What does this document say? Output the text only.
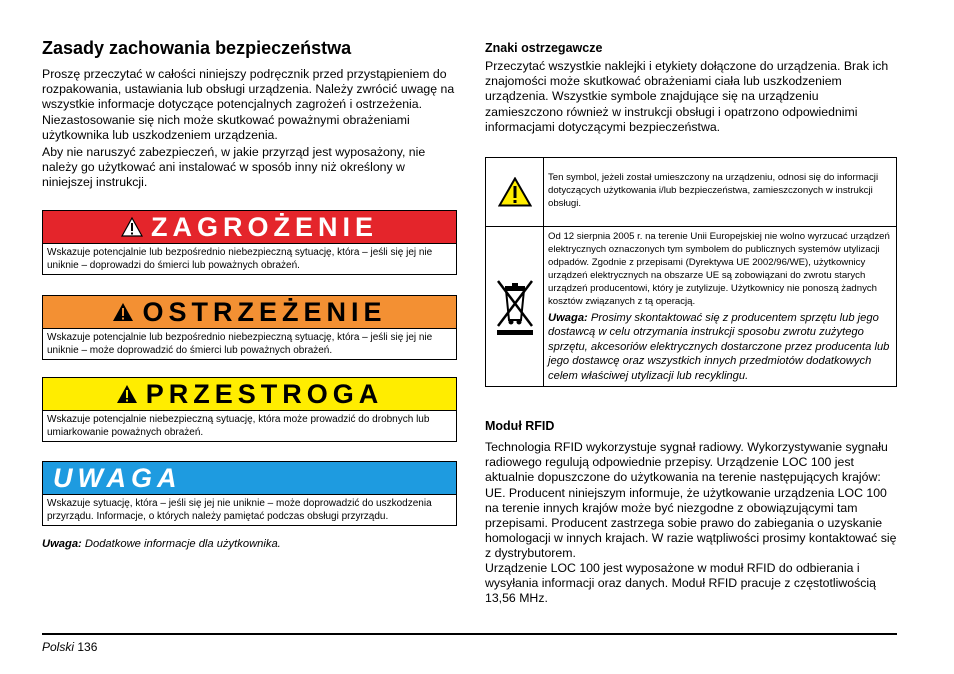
Zasady zachowania bezpieczeństwa

Proszę przeczytać w całości niniejszy podręcznik przed przystąpieniem do rozpakowania, ustawiania lub obsługi urządzenia. Należy zwrócić uwagę na wszystkie informacje dotyczące potencjalnych zagrożeń i ostrzeżenia. Niezastosowanie się nich może skutkować poważnymi obrażeniami użytkownika lub uszkodzeniem urządzenia.

Aby nie naruszyć zabezpieczeń, w jakie przyrząd jest wyposażony, nie należy go użytkować ani instalować w sposób inny niż określony w niniejszej instrukcji.

ZAGROŻENIE
Wskazuje potencjalnie lub bezpośrednio niebezpieczną sytuację, która – jeśli się jej nie uniknie – doprowadzi do śmierci lub poważnych obrażeń.
OSTRZEŻENIE
Wskazuje potencjalnie lub bezpośrednio niebezpieczną sytuację, która – jeśli się jej nie uniknie – może doprowadzić do śmierci lub poważnych obrażeń.
PRZESTROGA
Wskazuje potencjalnie niebezpieczną sytuację, która może prowadzić do drobnych lub umiarkowanie poważnych obrażeń.
UWAGA
Wskazuje sytuację, która – jeśli się jej nie uniknie – może doprowadzić do uszkodzenia przyrządu. Informacje, o których należy pamiętać podczas obsługi przyrządu.

Uwaga: Dodatkowe informacje dla użytkownika.

Znaki ostrzegawcze

Przeczytać wszystkie naklejki i etykiety dołączone do urządzenia. Brak ich znajomości może skutkować obrażeniami ciała lub uszkodzeniem urządzenia. Wszystkie symbole znajdujące się na urządzeniu zamieszczono również w instrukcji obsługi i opatrzono odpowiednimi informacjami dotyczącymi bezpieczeństwa.

Ten symbol, jeżeli został umieszczony na urządzeniu, odnosi się do informacji dotyczących użytkowania i/lub bezpieczeństwa, zamieszczonych w instrukcji obsługi.
Od 12 sierpnia 2005 r. na terenie Unii Europejskiej nie wolno wyrzucać urządzeń elektrycznych oznaczonych tym symbolem do publicznych systemów utylizacji odpadów. Zgodnie z przepisami (Dyrektywa UE 2002/96/WE), użytkownicy urządzeń elektrycznych na obszarze UE są zobowiązani do zwrotu starych urządzeń producentowi, który je zutylizuje. Użytkownicy nie ponoszą żadnych kosztów związanych z tą operacją.
Uwaga: Prosimy skontaktować się z producentem sprzętu lub jego dostawcą w celu otrzymania instrukcji sposobu zwrotu zużytego sprzętu, akcesoriów elektrycznych dostarczone przez producenta lub jego dostawcę oraz wszystkich innych przedmiotów dodatkowych celem właściwej utylizacji lub recyklingu.
Moduł RFID

Technologia RFID wykorzystuje sygnał radiowy. Wykorzystywanie sygnału radiowego regulują odpowiednie przepisy. Urządzenie LOC 100 jest aktualnie dopuszczone do użytkowania na terenie następujących krajów: UE. Producent niniejszym informuje, że użytkowanie urządzenia LOC 100 na terenie innych krajów może być niezgodne z obowiązującymi tam przepisami. Producent zastrzega sobie prawo do zabiegania o uzyskanie homologacji w innych krajach. W razie wątpliwości prosimy kontaktować się z dystrybutorem.

Urządzenie LOC 100 jest wyposażone w moduł RFID do odbierania i wysyłania informacji oraz danych. Moduł RFID pracuje z częstotliwością 13,56 MHz.

Polski 136
